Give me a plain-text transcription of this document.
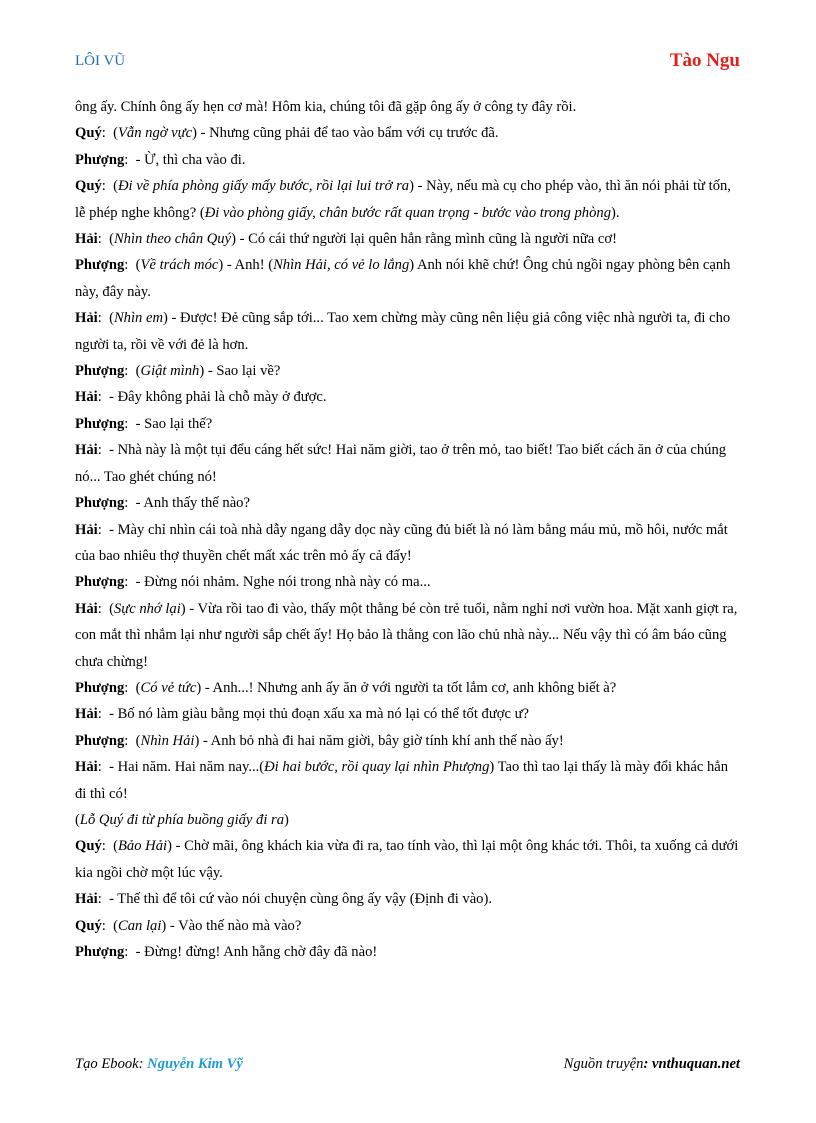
LÔI VŨ	Tào Ngu

ông ấy. Chính ông ấy hẹn cơ mà! Hôm kia, chúng tôi đã gặp ông ấy ở công ty đây rồi.

Quý:  (Vẫn ngờ vực) - Nhưng cũng phải để tao vào bẩm với cụ trước đã.

Phượng:  - Ừ, thì cha vào đi.

Quý:  (Đi về phía phòng giấy mấy bước, rồi lại lui trở ra) - Này, nếu mà cụ cho phép vào, thì ăn nói phải từ tốn, lễ phép nghe không? (Đi vào phòng giấy, chân bước rất quan trọng - bước vào trong phòng).

Hải:  (Nhìn theo chân Quý) - Có cái thứ người lại quên hẳn rằng mình cũng là người nữa cơ!

Phượng:  (Về trách móc) - Anh! (Nhìn Hải, có vẻ lo lắng) Anh nói khẽ chứ! Ông chủ ngồi ngay phòng bên cạnh này, đây này.

Hải:  (Nhìn em) - Được! Đẻ cũng sắp tới... Tao xem chừng mày cũng nên liệu giả công việc nhà người ta, đi cho người ta, rồi về với đẻ là hơn.

Phượng:  (Giật mình) - Sao lại về?

Hải:  - Đây không phải là chỗ mày ở được.

Phượng:  - Sao lại thế?

Hải:  - Nhà này là một tụi đểu cáng hết sức! Hai năm giời, tao ở trên mỏ, tao biết! Tao biết cách ăn ở của chúng nó... Tao ghét chúng nó!

Phượng:  - Anh thấy thế nào?

Hải:  - Mày chỉ nhìn cái toà nhà dẫy ngang dẫy dọc này cũng đủ biết là nó làm bằng máu mủ, mồ hôi, nước mắt của bao nhiêu thợ thuyền chết mất xác trên mỏ ấy cả đấy!

Phượng:  - Đừng nói nhảm. Nghe nói trong nhà này có ma...

Hải:  (Sực nhớ lại) - Vừa rồi tao đi vào, thấy một thằng bé còn trẻ tuổi, nằm nghỉ nơi vườn hoa. Mặt xanh giợt ra, con mắt thì nhắm lại như người sắp chết ấy! Họ bảo là thằng con lão chủ nhà này... Nếu vậy thì có âm báo cũng chưa chừng!

Phượng:  (Có vẻ tức) - Anh...! Nhưng anh ấy ăn ở với người ta tốt lắm cơ, anh không biết à?

Hải:  - Bố nó làm giàu bằng mọi thủ đoạn xấu xa mà nó lại có thể tốt được ư?

Phượng:  (Nhìn Hải) - Anh bỏ nhà đi hai năm giời, bây giờ tính khí anh thế nào ấy!

Hải:  - Hai năm. Hai năm nay...(Đi hai bước, rồi quay lại nhìn Phượng) Tao thì tao lại thấy là mày đổi khác hẳn đi thì có!

(Lỗ Quý đi từ phía buồng giấy đi ra)

Quý:  (Bảo Hải) - Chờ mãi, ông khách kia vừa đi ra, tao tính vào, thì lại một ông khác tới. Thôi, ta xuống cả dưới kia ngồi chờ một lúc vậy.

Hải:  - Thế thì để tôi cứ vào nói chuyện cùng ông ấy vậy (Định đi vào).

Quý:  (Can lại) - Vào thế nào mà vào?

Phượng:  - Đừng! đừng! Anh hẵng chờ đây đã nào!

Tạo Ebook: Nguyễn Kim Vỹ	Nguồn truyện: vnthuquan.net
